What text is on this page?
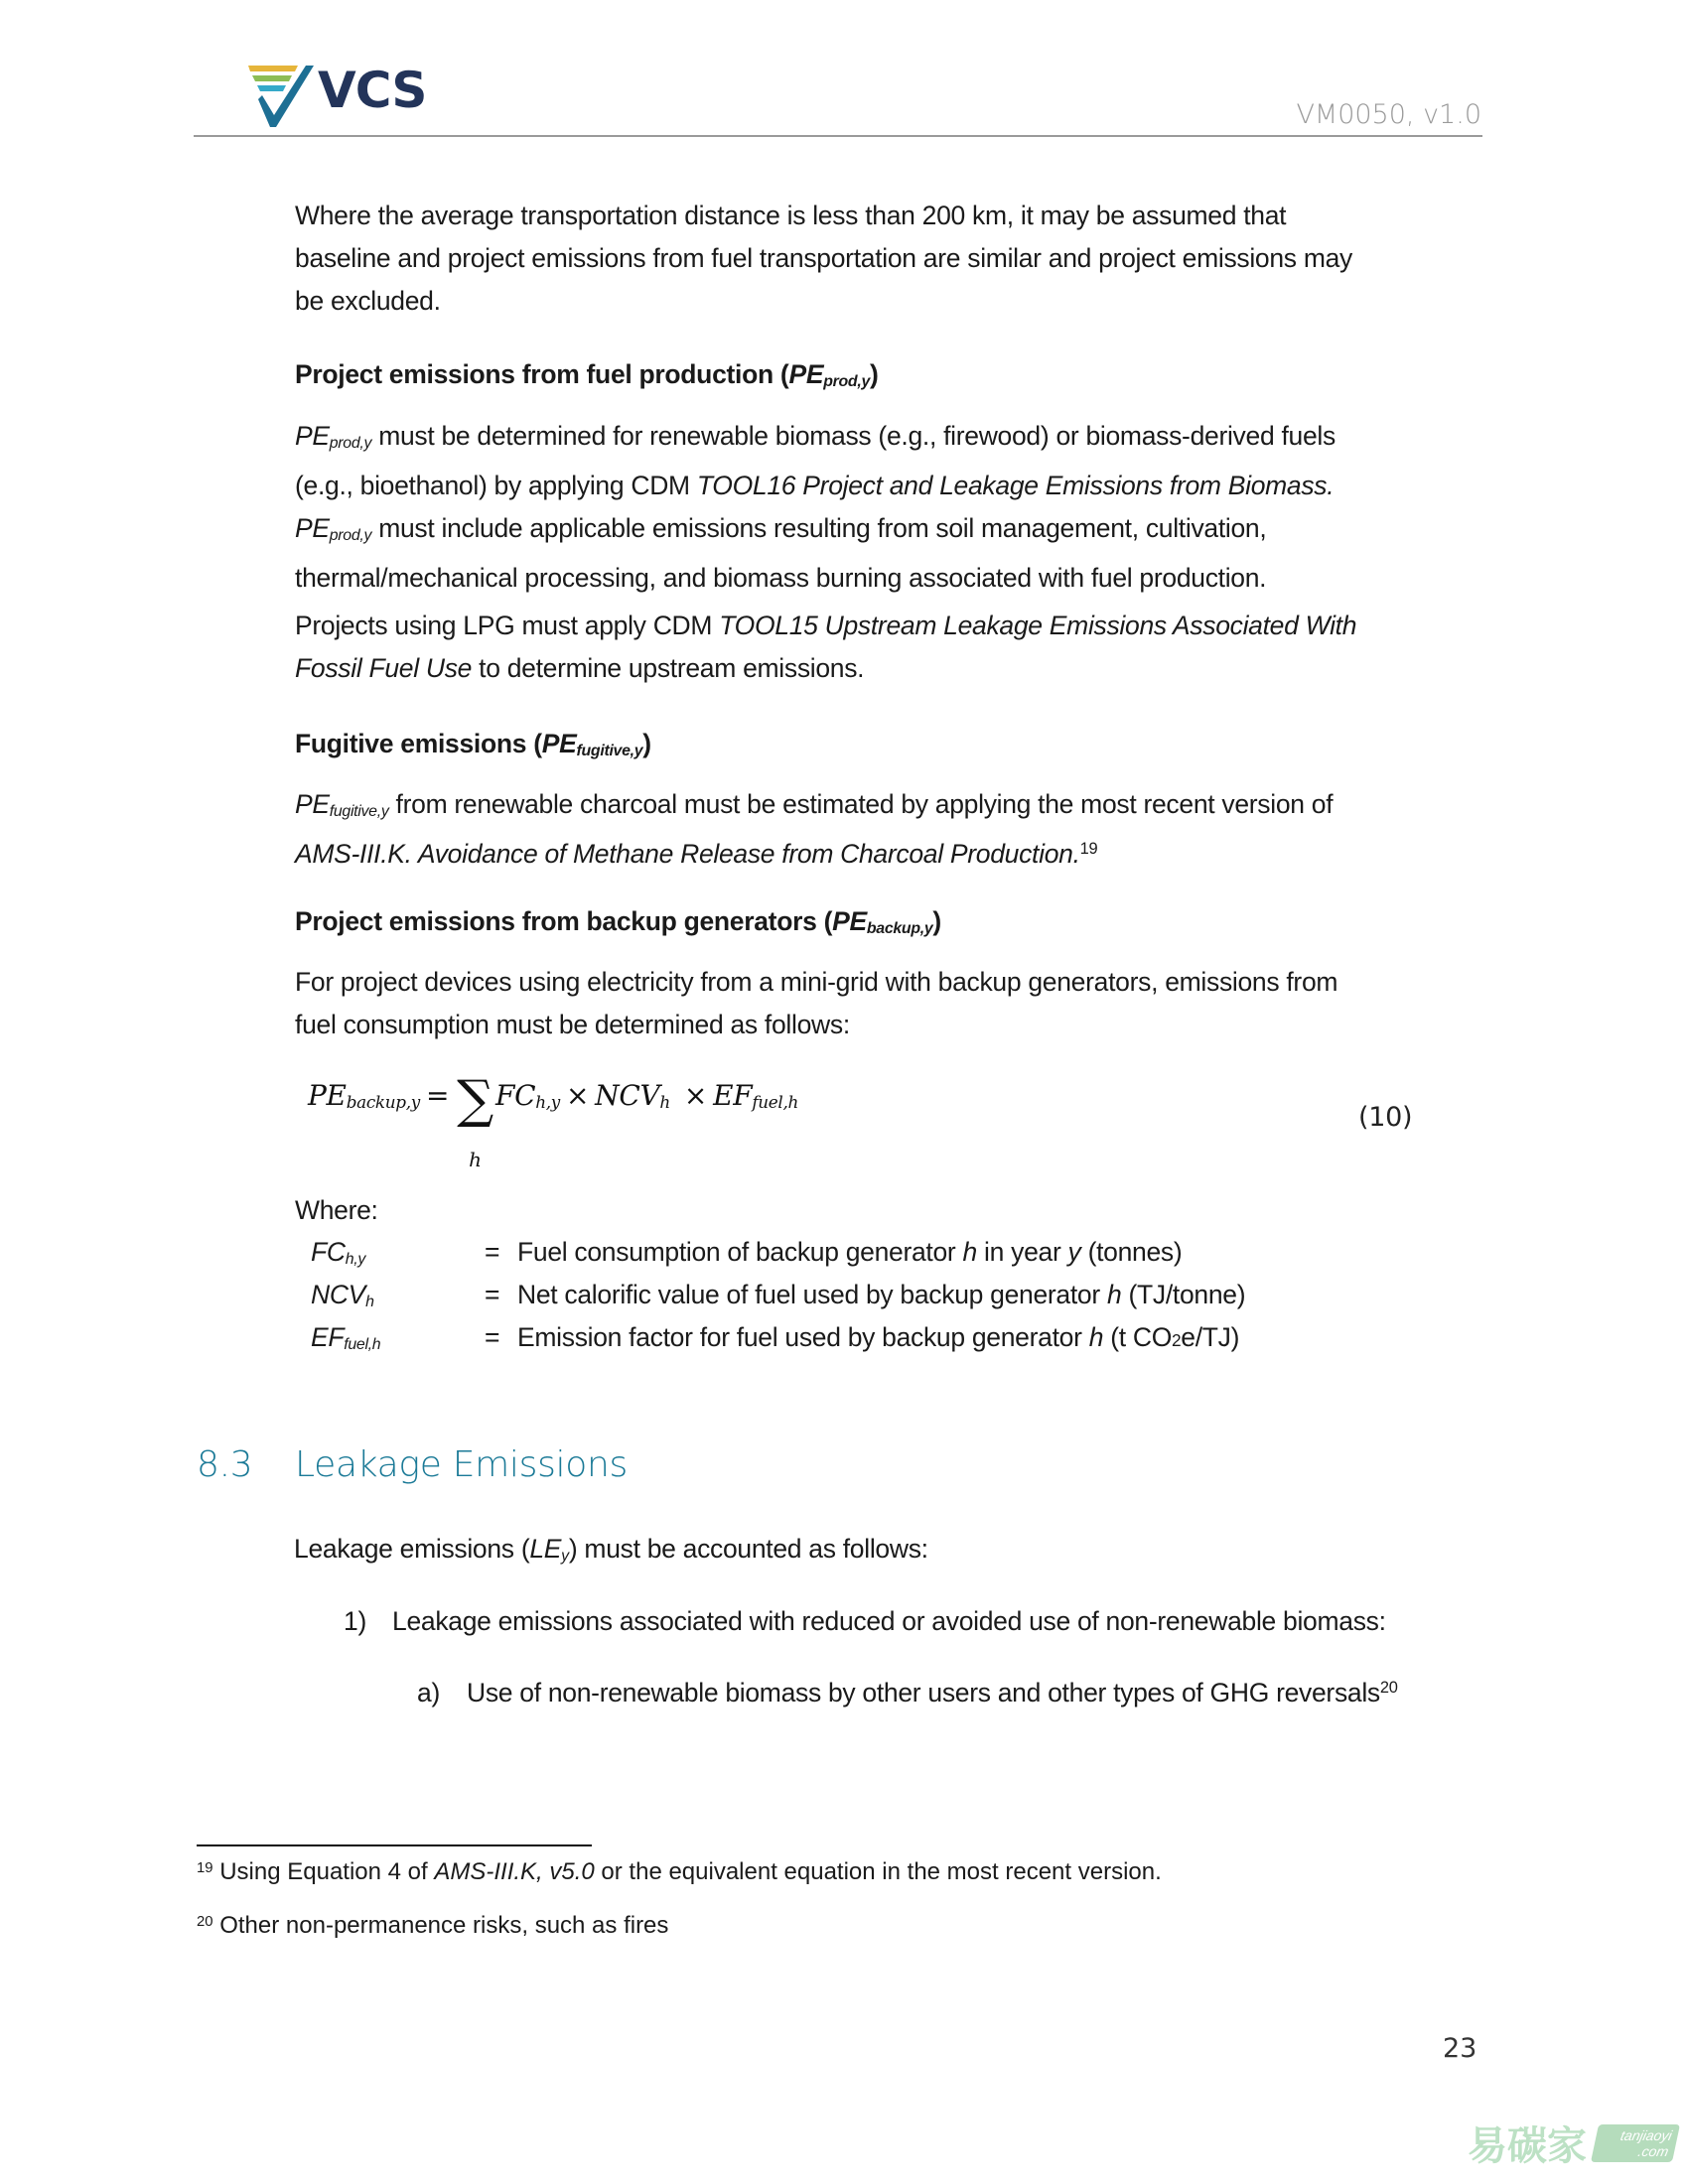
VCS	VM0050, v1.0
Where the average transportation distance is less than 200 km, it may be assumed that
baseline and project emissions from fuel transportation are similar and project emissions may
be excluded.
Project emissions from fuel production (PEprod,y)
PEprod,y must be determined for renewable biomass (e.g., firewood) or biomass-derived fuels
(e.g., bioethanol) by applying CDM TOOL16 Project and Leakage Emissions from Biomass.
PEprod,y must include applicable emissions resulting from soil management, cultivation,
thermal/mechanical processing, and biomass burning associated with fuel production.
Projects using LPG must apply CDM TOOL15 Upstream Leakage Emissions Associated With
Fossil Fuel Use to determine upstream emissions.
Fugitive emissions (PEfugitive,y)
PEfugitive,y from renewable charcoal must be estimated by applying the most recent version of
AMS-III.K. Avoidance of Methane Release from Charcoal Production.$^{19}$
Project emissions from backup generators (PEbackup,y)
For project devices using electricity from a mini-grid with backup generators, emissions from
fuel consumption must be determined as follows:
PEbackup,y = ∑
h
FCh,y × NCVh × EFfuel,h	(10)
Where:
FCh,y	= Fuel consumption of backup generator h in year y (tonnes)
NCVh	= Net calorific value of fuel used by backup generator h (TJ/tonne)
EFfuel,h	= Emission factor for fuel used by backup generator h (t CO2e/TJ)
8.3 Leakage Emissions
Leakage emissions (LEy) must be accounted as follows:
1) Leakage emissions associated with reduced or avoided use of non-renewable biomass:
a) Use of non-renewable biomass by other users and other types of GHG reversals$^{20}$
$^{19}$ Using Equation 4 of AMS-III.K, v5.0 or the equivalent equation in the most recent version.
$^{20}$ Other non-permanence risks, such as fires
23
易碳家	tanjiaoyi
.com
